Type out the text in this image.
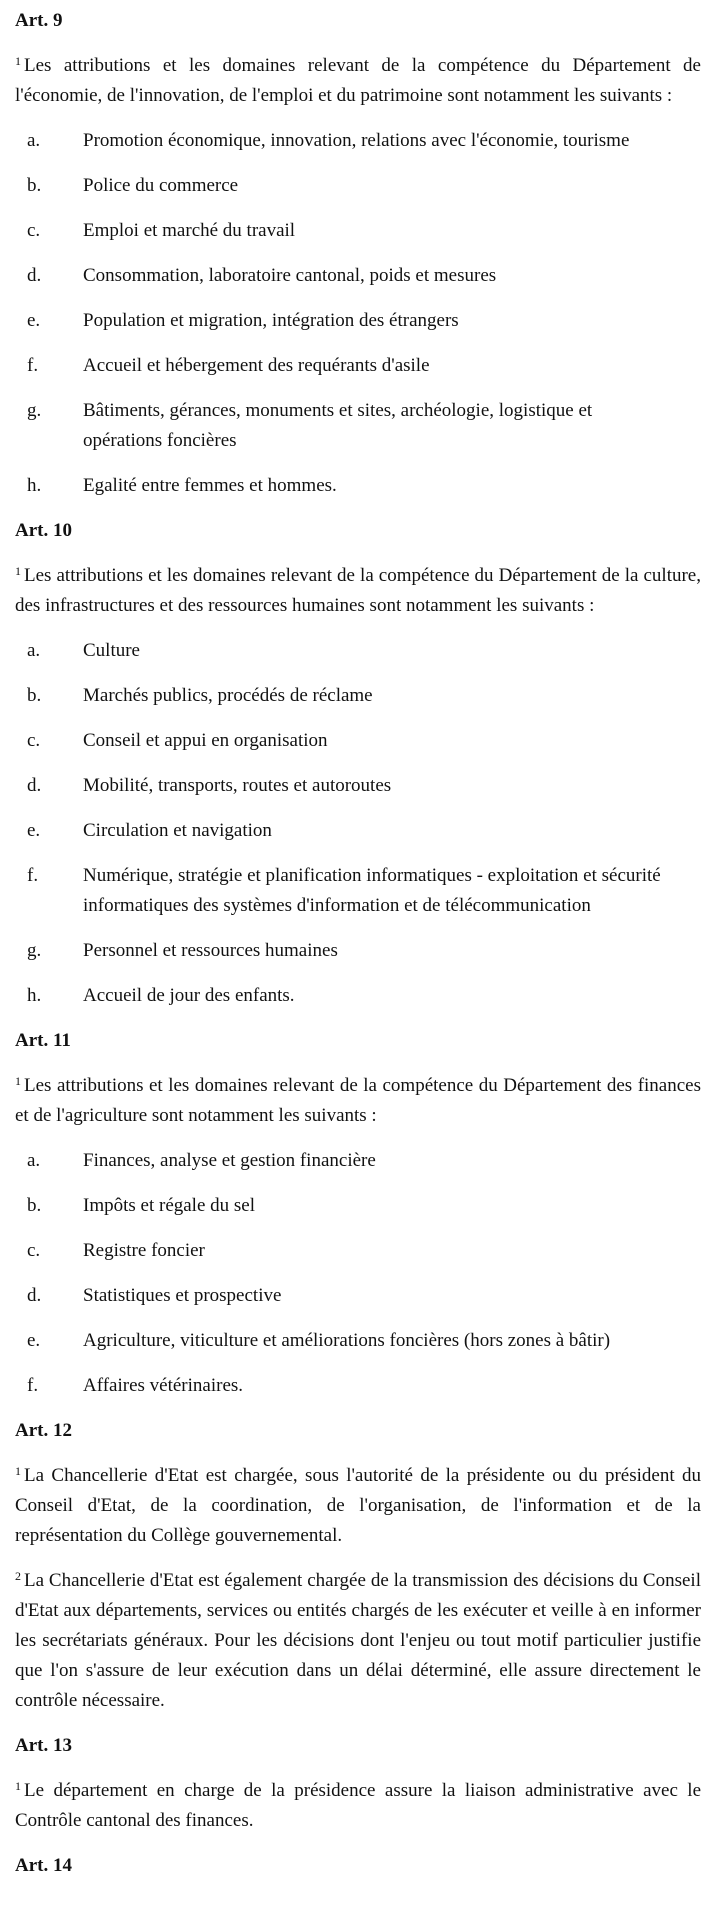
Art. 9

$^1$ Les attributions et les domaines relevant de la compétence du Département de l'économie, de l'innovation, de l'emploi et du patrimoine sont notamment les suivants :

a.	Promotion économique, innovation, relations avec l'économie, tourisme
b.	Police du commerce
c.	Emploi et marché du travail
d.	Consommation, laboratoire cantonal, poids et mesures
e.	Population et migration, intégration des étrangers
f.	Accueil et hébergement des requérants d'asile
g.	Bâtiments, gérances, monuments et sites, archéologie, logistique et opérations foncières
h.	Egalité entre femmes et hommes.
Art. 10

$^1$ Les attributions et les domaines relevant de la compétence du Département de la culture, des infrastructures et des ressources humaines sont notamment les suivants :

a.	Culture
b.	Marchés publics, procédés de réclame
c.	Conseil et appui en organisation
d.	Mobilité, transports, routes et autoroutes
e.	Circulation et navigation
f.	Numérique, stratégie et planification informatiques - exploitation et sécurité informatiques des systèmes d'information et de télécommunication
g.	Personnel et ressources humaines
h.	Accueil de jour des enfants.
Art. 11

$^1$ Les attributions et les domaines relevant de la compétence du Département des finances et de l'agriculture sont notamment les suivants :

a.	Finances, analyse et gestion financière
b.	Impôts et régale du sel
c.	Registre foncier
d.	Statistiques et prospective
e.	Agriculture, viticulture et améliorations foncières (hors zones à bâtir)
f.	Affaires vétérinaires.
Art. 12

$^1$ La Chancellerie d'Etat est chargée, sous l'autorité de la présidente ou du président du Conseil d'Etat, de la coordination, de l'organisation, de l'information et de la représentation du Collège gouvernemental.

$^2$ La Chancellerie d'Etat est également chargée de la transmission des décisions du Conseil d'Etat aux départements, services ou entités chargés de les exécuter et veille à en informer les secrétariats généraux. Pour les décisions dont l'enjeu ou tout motif particulier justifie que l'on s'assure de leur exécution dans un délai déterminé, elle assure directement le contrôle nécessaire.

Art. 13

$^1$ Le département en charge de la présidence assure la liaison administrative avec le Contrôle cantonal des finances.

Art. 14
